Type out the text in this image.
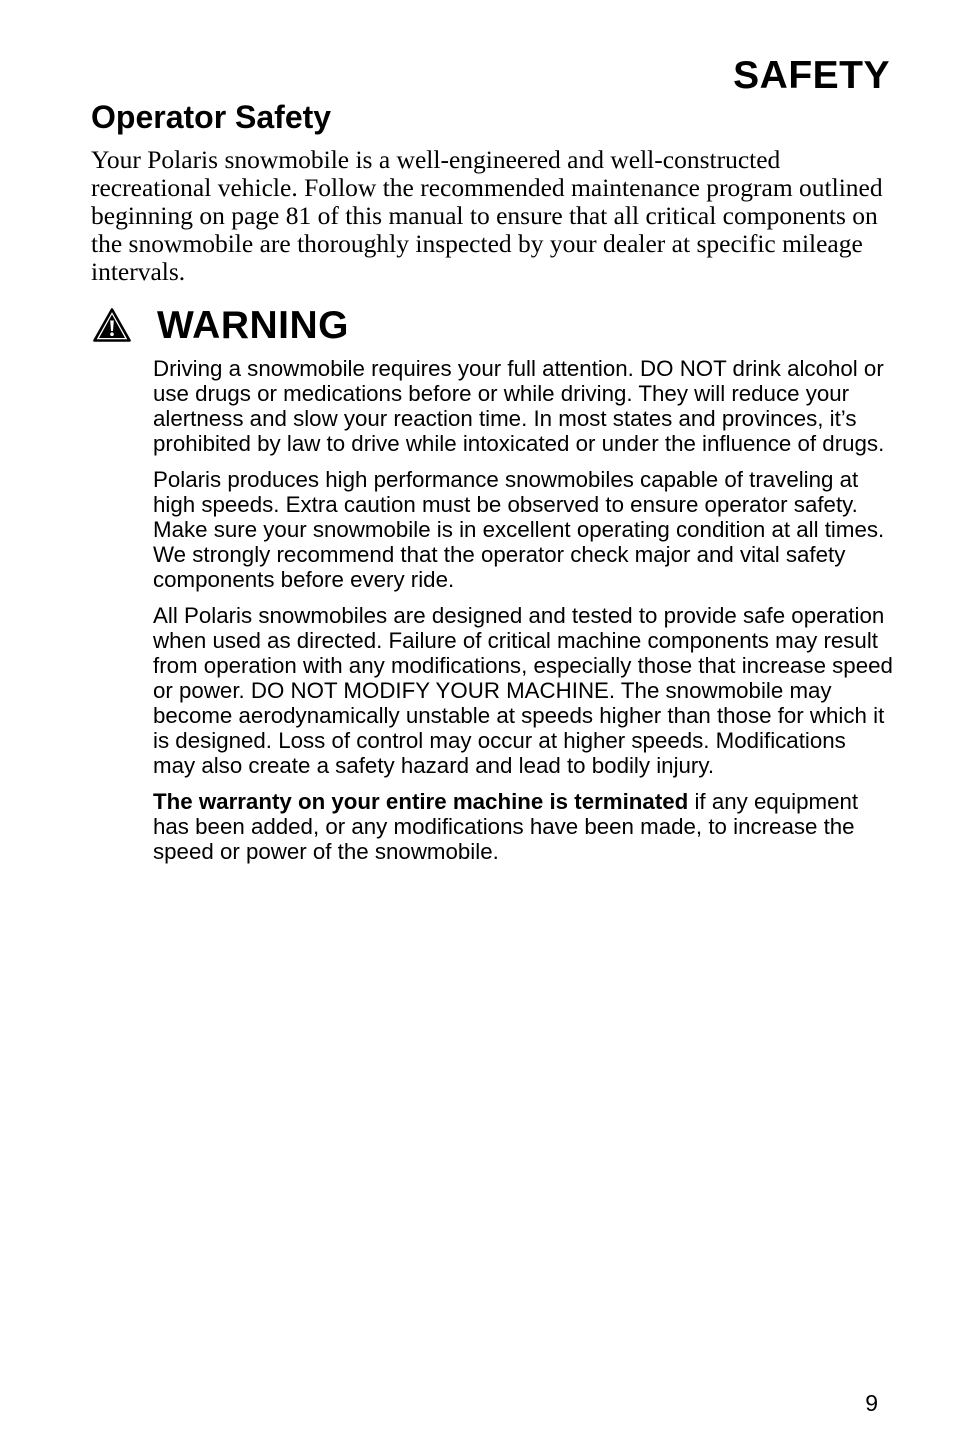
SAFETY
Operator Safety

Your Polaris snowmobile is a well-engineered and well-constructed recreational vehicle. Follow the recommended maintenance program outlined beginning on page 81 of this manual to ensure that all critical components on the snowmobile are thoroughly inspected by your dealer at specific mileage intervals.

WARNING

Driving a snowmobile requires your full attention. DO NOT drink alcohol or use drugs or medications before or while driving. They will reduce your alertness and slow your reaction time. In most states and provinces, it’s prohibited by law to drive while intoxicated or under the influence of drugs.

Polaris produces high performance snowmobiles capable of traveling at high speeds. Extra caution must be observed to ensure operator safety. Make sure your snowmobile is in excellent operating condition at all times. We strongly recommend that the operator check major and vital safety components before every ride.

All Polaris snowmobiles are designed and tested to provide safe operation when used as directed. Failure of critical machine components may result from operation with any modifications, especially those that increase speed or power. DO NOT MODIFY YOUR MACHINE. The snowmobile may become aerodynamically unstable at speeds higher than those for which it is designed. Loss of control may occur at higher speeds. Modifications may also create a safety hazard and lead to bodily injury.

The warranty on your entire machine is terminated if any equipment has been added, or any modifications have been made, to increase the speed or power of the snowmobile.

9
